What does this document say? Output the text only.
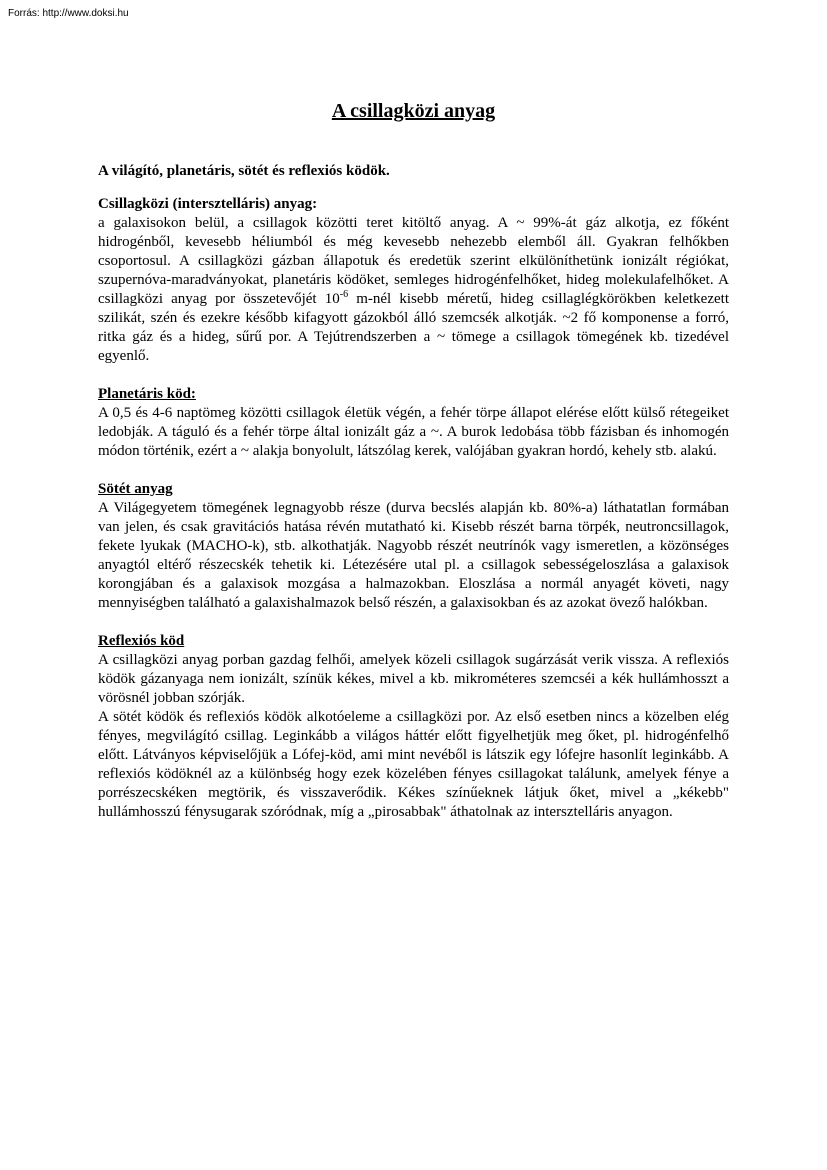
Forrás: http://www.doksi.hu
A csillagközi anyag
A világító, planetáris, sötét és reflexiós ködök.
Csillagközi (intersztelláris) anyag:

a galaxisokon belül, a csillagok közötti teret kitöltő anyag. A ~ 99%-át gáz alkotja, ez főként hidrogénből, kevesebb héliumból és még kevesebb nehezebb elemből áll. Gyakran felhőkben csoportosul. A csillagközi gázban állapotuk és eredetük szerint elkülöníthetünk ionizált régiókat, szupernóva-maradványokat, planetáris ködöket, semleges hidrogénfelhőket, hideg molekulafelhőket. A csillagközi anyag por összetevőjét $10^{-6}$ m-nél kisebb méretű, hideg csillaglégkörökben keletkezett szilikát, szén és ezekre később kifagyott gázokból álló szemcsék alkotják. ~2 fő komponense a forró, ritka gáz és a hideg, sűrű por. A Tejútrendszerben a ~ tömege a csillagok tömegének kb. tizedével egyenlő.

Planetáris köd:

A 0,5 és 4-6 naptömeg közötti csillagok életük végén, a fehér törpe állapot elérése előtt külső rétegeiket ledobják. A táguló és a fehér törpe által ionizált gáz a ~. A burok ledobása több fázisban és inhomogén módon történik, ezért a ~ alakja bonyolult, látszólag kerek, valójában gyakran hordó, kehely stb. alakú.

Sötét anyag

A Világegyetem tömegének legnagyobb része (durva becslés alapján kb. 80%-a) láthatatlan formában van jelen, és csak gravitációs hatása révén mutatható ki. Kisebb részét barna törpék, neutroncsillagok, fekete lyukak (MACHO-k), stb. alkothatják. Nagyobb részét neutrínók vagy ismeretlen, a közönséges anyagtól eltérő részecskék tehetik ki. Létezésére utal pl. a csillagok sebességeloszlása a galaxisok korongjában és a galaxisok mozgása a halmazokban. Eloszlása a normál anyagét követi, nagy mennyiségben található a galaxishalmazok belső részén, a galaxisokban és az azokat övező halókban.

Reflexiós köd

A csillagközi anyag porban gazdag felhői, amelyek közeli csillagok sugárzását verik vissza. A reflexiós ködök gázanyaga nem ionizált, színük kékes, mivel a kb. mikrométeres szemcséi a kék hullámhosszt a vörösnél jobban szórják.

A sötét ködök és reflexiós ködök alkotóeleme a csillagközi por. Az első esetben nincs a közelben elég fényes, megvilágító csillag. Leginkább a világos háttér előtt figyelhetjük meg őket, pl. hidrogénfelhő előtt. Látványos képviselőjük a Lófej-köd, ami mint nevéből is látszik egy lófejre hasonlít leginkább. A reflexiós ködöknél az a különbség hogy ezek közelében fényes csillagokat találunk, amelyek fénye a porrészecskéken megtörik, és visszaverődik. Kékes színűeknek látjuk őket, mivel a „kékebb" hullámhosszú fénysugarak szóródnak, míg a „pirosabbak" áthatolnak az intersztelláris anyagon.
